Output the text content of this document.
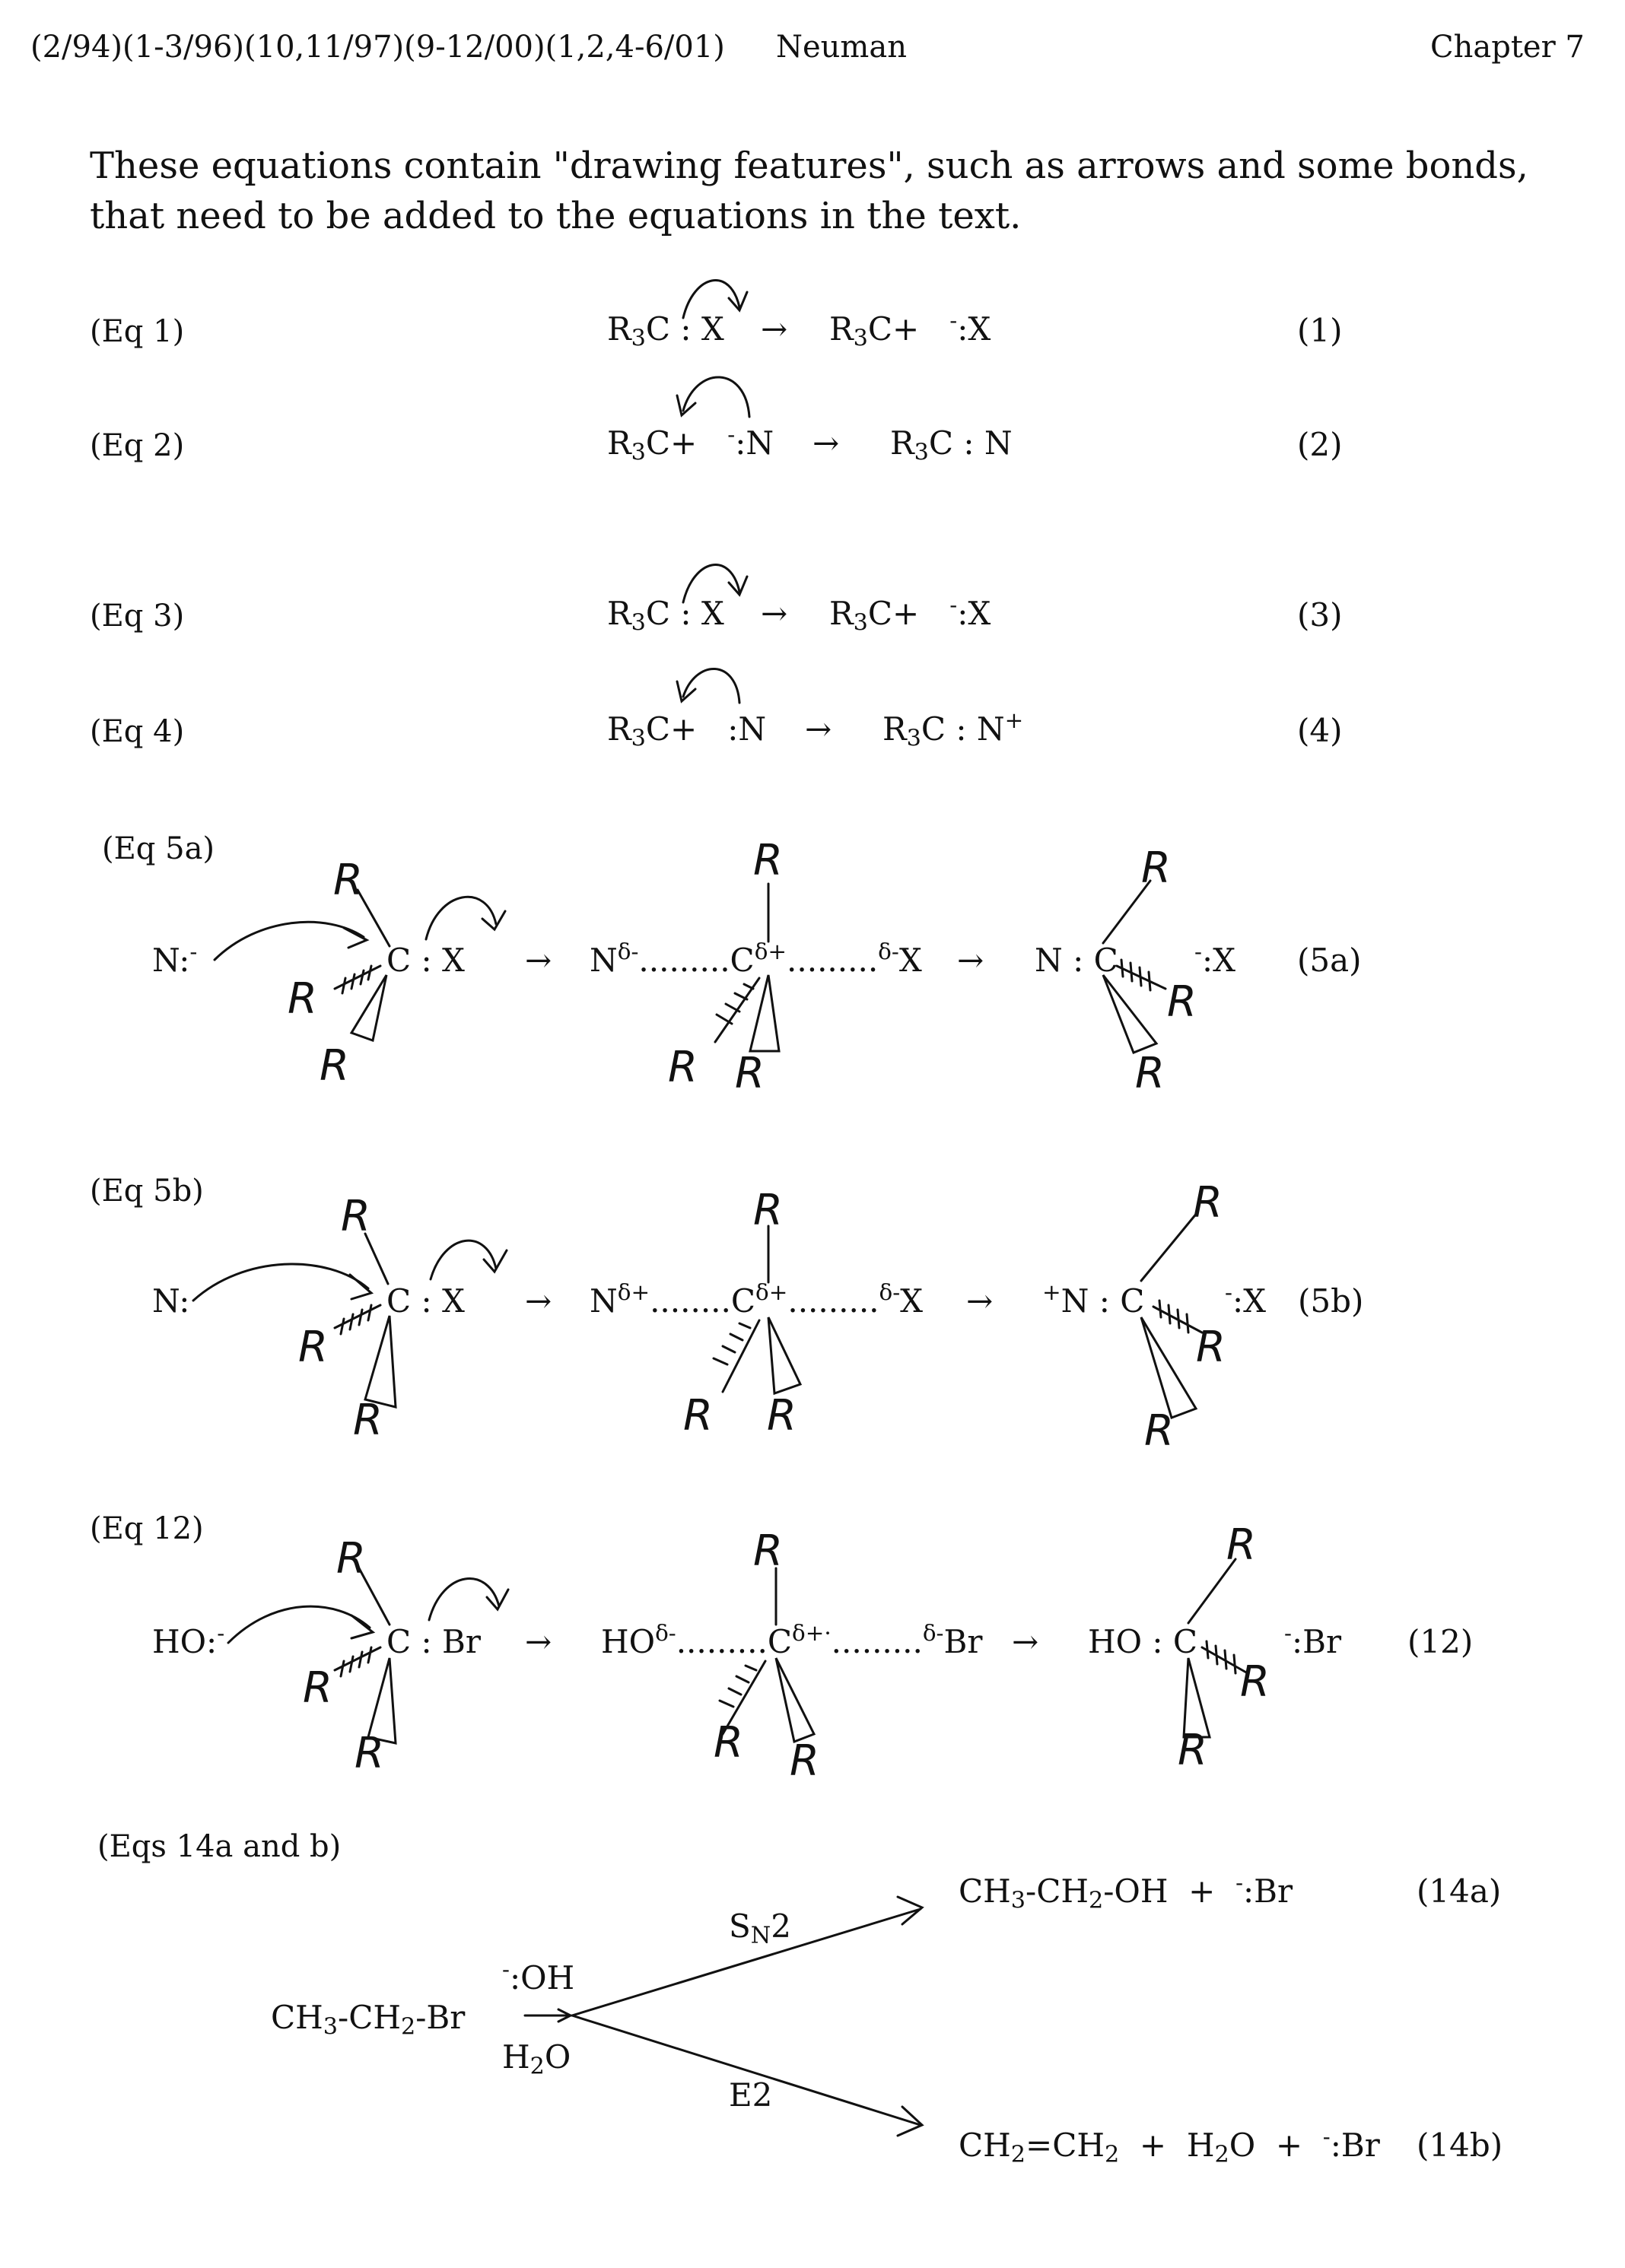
(2/94)(1-3/96)(10,11/97)(9-12/00)(1,2,4-6/01) Neuman	Chapter 7
These equations contain "drawing features", such as arrows and some bonds, that need to be added to the equations in the text.
(Eq 1)	$R_3C$ : $X \to R_3C+$   -:X	(1)
(Eq 2)	$R_3C+$   -:N → $R_3C$ : N	(2)
(Eq 3)	$R_3C$ : $X \to R_3C+$   -:X	(3)
(Eq 4)	$R_3C+$   :N → $R_3C$ : N+	(4)
(Eq 5a)
N:-	C : $X \to N^{\delta-}.........C^{\delta+}.........^{\delta-}X \to N$ : C	-:X (5a)
(Eq 5b)
N:	C : $X \to N^{\delta+}........C^{\delta+}.........^{\delta-}X \to ^+N$ : C	-:X (5b)
(Eq 12)
HO:-	C : $Br \to HO^{\delta-}.........C^{\delta+\cdot}.........^{\delta-}Br$ → HO : C	-:Br (12)
(Eqs 14a and b)
$CH_3-CH_2-Br$
-:OH
$H_2O$
$S_N2$
E2
$CH_3-CH_2-OH$  +  -:Br	(14a)
$CH_2=CH_2 + H_2O$  +  -:Br (14b)
R
R
R
R
R R
R
R
R
R
R
R
R
R R
R
R
R
R
R
R
R
R R
R
R
R
